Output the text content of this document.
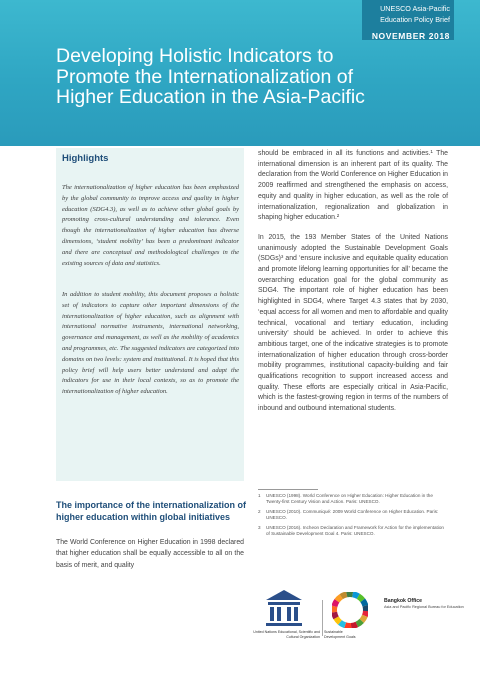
UNESCO Asia-Pacific
Education Policy Brief
NOVEMBER 2018
Developing Holistic Indicators to
Promote the Internationalization of
Higher Education in the Asia-Pacific
Highlights

The internationalization of higher education has been emphasized by the global community to improve access and quality in higher education (SDG4.3), as well as to achieve other global goals by promoting cross-cultural understanding and tolerance. Even though the internationalization of higher education has diverse dimensions, ‘student mobility’ has been a predominant indicator and there are conceptual and methodological challenges in the existing sources of data and statistics.

In addition to student mobility, this document proposes a holistic set of indicators to capture other important dimensions of the internationalization of higher education, such as alignment with international normative instruments, international networking, governance and management, as well as the mobility of academics and programmes, etc. The suggested indicators are categorized into domains on two levels: system and institutional. It is hoped that this policy brief will help users better understand and adapt the indicators for use in their local contexts, so as to promote the internationalization of higher education.

The importance of the internationalization of higher education within global initiatives

The World Conference on Higher Education in 1998 declared that higher education shall be equally accessible to all on the basis of merit, and quality

should be embraced in all its functions and activities.¹ The international dimension is an inherent part of its quality. The declaration from the World Conference on Higher Education in 2009 reaffirmed and strengthened the emphasis on access, equity and quality in higher education, as well as the role of internationalization, regionalization and globalization in shaping higher education.²

In 2015, the 193 Member States of the United Nations unanimously adopted the Sustainable Development Goals (SDGs)³ and ‘ensure inclusive and equitable quality education and promote lifelong learning opportunities for all’ became the overarching education goal for the global community as SDG4. The important role of higher education has been highlighted in SDG4, where Target 4.3 states that by 2030, ‘equal access for all women and men to affordable and quality technical, vocational and tertiary education, including university’ should be achieved. In order to achieve this ambitious target, one of the indicative strategies is to promote internationalization of higher education through cross-border mobility programmes, institutional capacity-building and fair qualifications recognition to support increased access and quality. These efforts are especially critical in Asia-Pacific, which is the fastest-growing region in terms of the numbers of inbound and outbound international students.

1 UNESCO (1998). World Conference on Higher Education: Higher Education in the Twenty-first Century Vision and Action. Paris: UNESCO.
2 UNESCO (2010). Communiqué: 2009 World Conference on Higher Education. Paris: UNESCO.
3 UNESCO (2016). Incheon Declaration and Framework for Action for the implementation of Sustainable Development Goal 4. Paris: UNESCO.
United Nations Educational, Scientific and Cultural Organization
Sustainable Development Goals
Bangkok Office
Asia and Pacific Regional Bureau for Education
